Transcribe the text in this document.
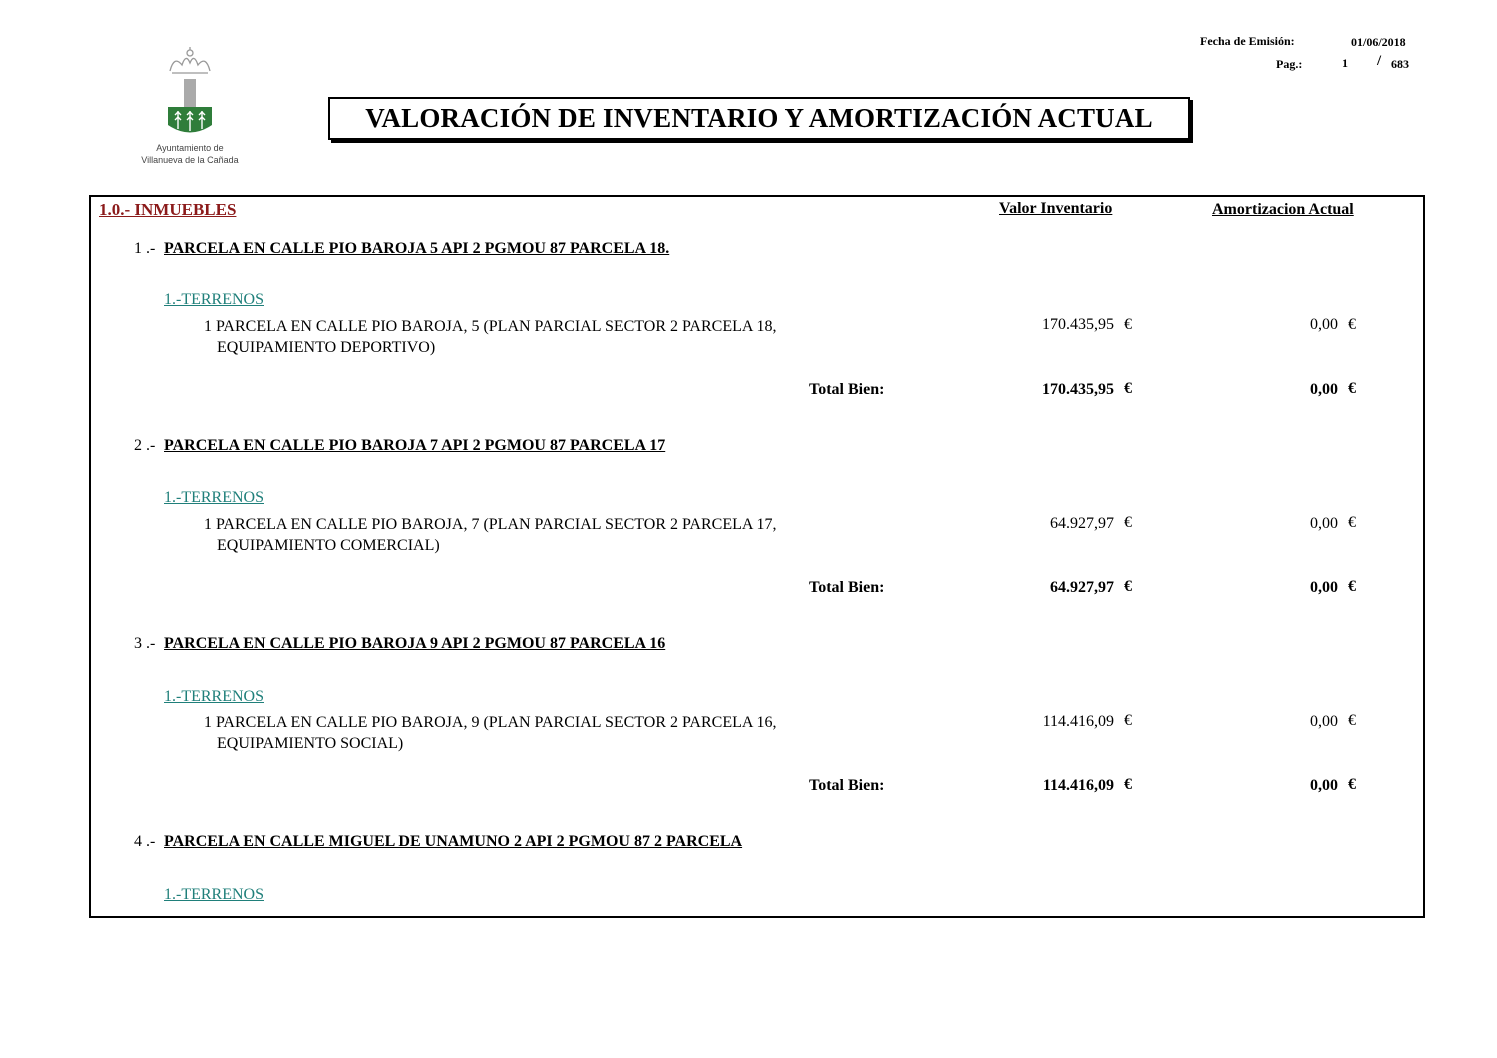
Ayuntamiento de
Villanueva de la Cañada
Fecha de Emisión:	01/06/2018
Pag.:	1 / 683
VALORACIÓN DE INVENTARIO Y AMORTIZACIÓN ACTUAL
1.0.- INMUEBLES	Valor Inventario	Amortizacion Actual
1 .- PARCELA EN CALLE PIO BAROJA 5 API 2 PGMOU 87 PARCELA 18.
1.-TERRENOS
1 PARCELA EN CALLE PIO BAROJA, 5 (PLAN PARCIAL SECTOR 2 PARCELA 18,
EQUIPAMIENTO DEPORTIVO)
170.435,95 €	0,00 €
Total Bien:	170.435,95 €	0,00 €
2 .- PARCELA EN CALLE PIO BAROJA 7 API 2 PGMOU 87 PARCELA 17
1.-TERRENOS
1 PARCELA EN CALLE PIO BAROJA, 7 (PLAN PARCIAL SECTOR 2 PARCELA 17,
EQUIPAMIENTO COMERCIAL)
64.927,97 €	0,00 €
Total Bien:	64.927,97 €	0,00 €
3 .- PARCELA EN CALLE PIO BAROJA 9 API 2 PGMOU 87 PARCELA 16
1.-TERRENOS
1 PARCELA EN CALLE PIO BAROJA, 9 (PLAN PARCIAL SECTOR 2 PARCELA 16,
EQUIPAMIENTO SOCIAL)
114.416,09 €	0,00 €
Total Bien:	114.416,09 €	0,00 €
4 .- PARCELA EN CALLE MIGUEL DE UNAMUNO 2 API 2 PGMOU 87 2 PARCELA
1.-TERRENOS
